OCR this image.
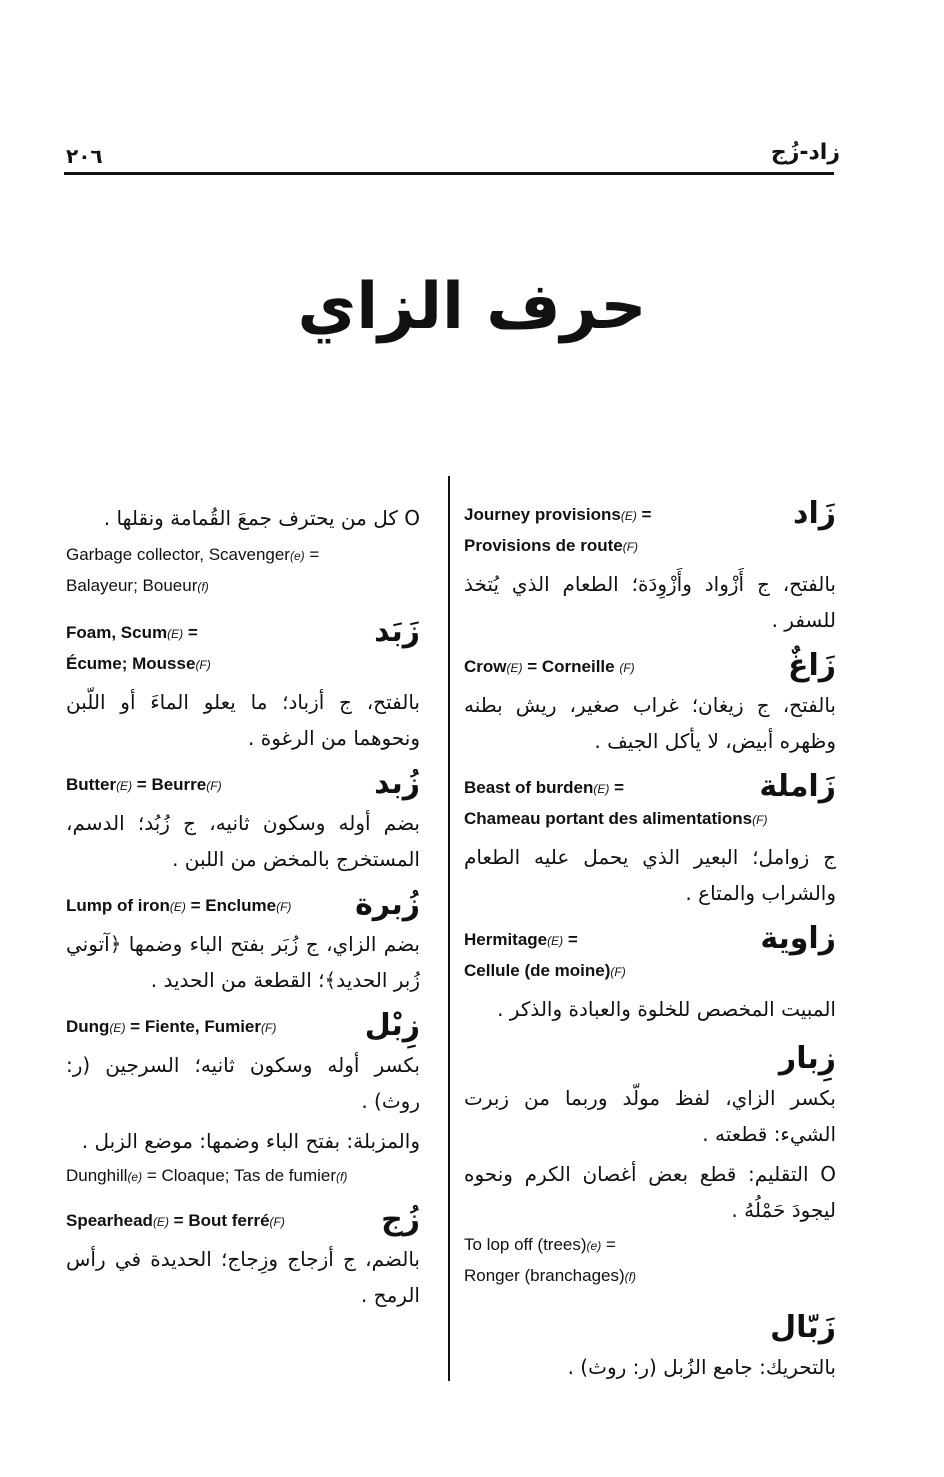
٢٠٦	زاد-زُج
حرف الزاي
O كل من يحترف جمعَ القُمامة ونقلها .
Garbage collector, Scavenger(e) =
Balayeur; Boueur(f)
زَبَد
Foam, Scum(E) =
Écume; Mousse(F)
بالفتح، ج أزباد؛ ما يعلو الماءَ أو اللّبن ونحوهما من الرغوة .
زُبد
Butter(E) = Beurre(F)
بضم أوله وسكون ثانيه، ج زُبُد؛ الدسم، المستخرج بالمخض من اللبن .
زُبرة
Lump of iron(E) = Enclume(F)
بضم الزاي، ج زُبَر بفتح الباء وضمها ﴿آتوني زُبر الحديد﴾؛ القطعة من الحديد .
زِبْل
Dung(E) = Fiente, Fumier(F)
بكسر أوله وسكون ثانيه؛ السرجين (ر: روث) .
والمزبلة: بفتح الباء وضمها: موضع الزبل .
Dunghill(e) = Cloaque; Tas de fumier(f)
زُج
Spearhead(E) = Bout ferré(F)
بالضم، ج أزجاج وزِجاج؛ الحديدة في رأس الرمح .
زَاد
Journey provisions(E) =
Provisions de route(F)
بالفتح، ج أَزْواد وأَزْوِدَة؛ الطعام الذي يُتخذ للسفر .
زَاغٌ
Crow(E) = Corneille (F)
بالفتح، ج زيغان؛ غراب صغير، ريش بطنه وظهره أبيض، لا يأكل الجيف .
زَاملة
Beast of burden(E) =
Chameau portant des alimentations(F)
ج زوامل؛ البعير الذي يحمل عليه الطعام والشراب والمتاع .
زاوية
Hermitage(E) =
Cellule (de moine)(F)
المبيت المخصص للخلوة والعبادة والذكر .
زِبار
بكسر الزاي، لفظ مولّد وربما من زبرت الشيء: قطعته .
O التقليم: قطع بعض أغصان الكرم ونحوه ليجودَ حَمْلُهُ .
To lop off (trees)(e) =
Ronger (branchages)(f)
زَبّال
بالتحريك: جامع الزُبل (ر: روث) .
